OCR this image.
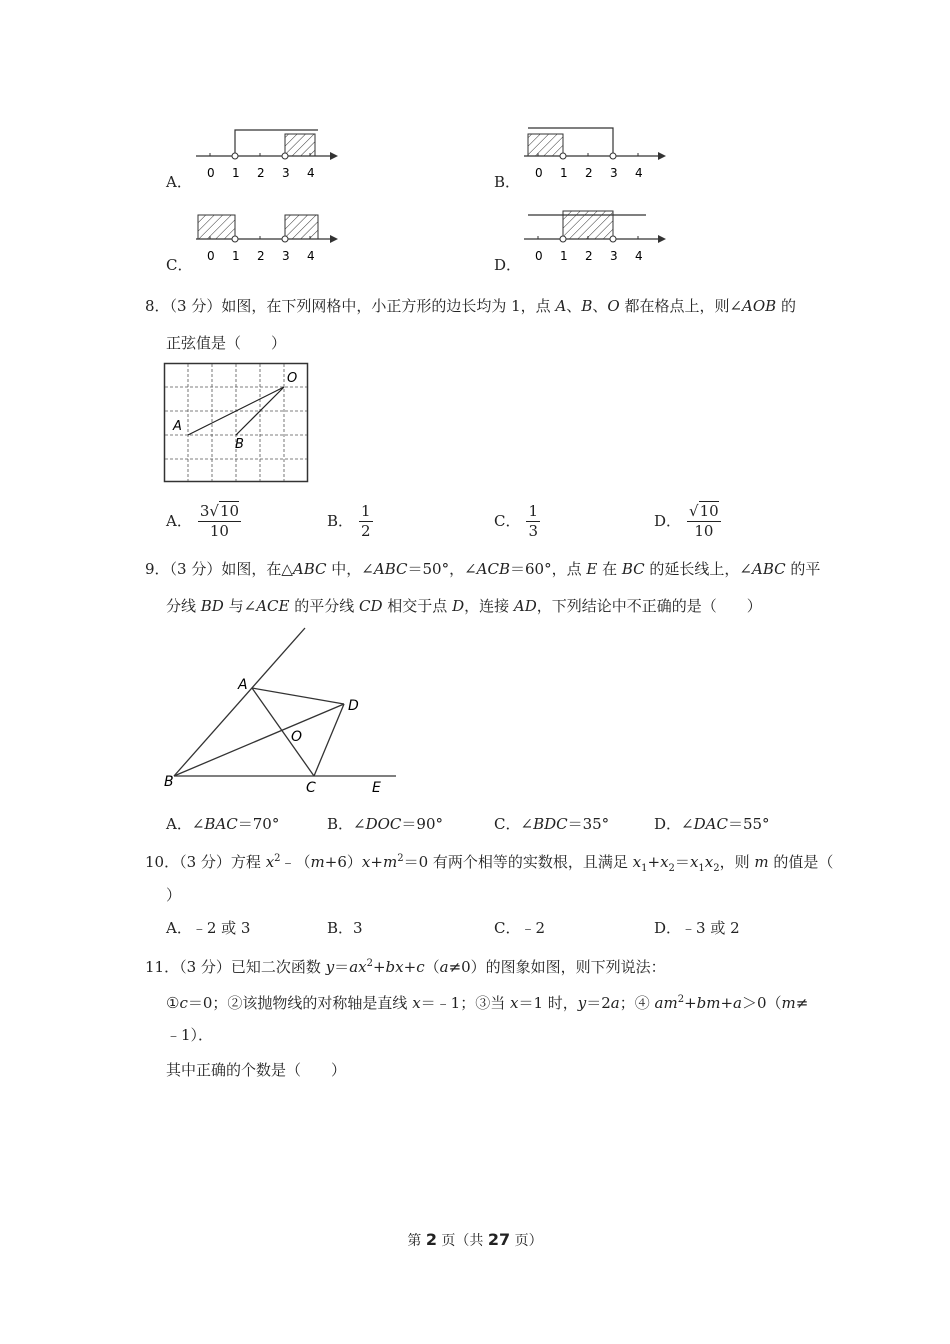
A． 0 1 2 3 4	B． 0 1 2 3 4
C． 0 1 2 3 4	D． 0 1 2 3 4
8．（3 分）如图，在下列网格中，小正方形的边长均为 1，点 A、B、O 都在格点上，则∠AOB 的
正弦值是（　　）
A
B
O
A． $\frac{3√10}{10}$	B． $\frac{1}{2}$	C． $\frac{1}{3}$	D． $\frac{√10}{10}$
9．（3 分）如图，在△ABC 中，∠ABC＝50°，∠ACB＝60°，点 E 在 BC 的延长线上，∠ABC 的平
分线 BD 与∠ACE 的平分线 CD 相交于点 D，连接 AD，下列结论中不正确的是（　　）
A
B	C
D
O
E
A．∠BAC＝70°	B．∠DOC＝90°	C．∠BDC＝35°	D．∠DAC＝55°
10．（3 分）方程 $x^2﹣(m+6)x+m^2=0$ 有两个相等的实数根，且满足 $x_1+x_2=x_1x_2$，则 m 的值是（
）
A．﹣2 或 3	B．3	C．﹣2	D．﹣3 或 2
11．（3 分）已知二次函数 $y=ax^2+bx+c(a\ne 0)$的图象如图，则下列说法：
①c＝0；②该抛物线的对称轴是直线 x＝﹣1；③当 x＝1 时，y＝2a；④ $am^2+bm+a>0(m\ne$
﹣1）．
其中正确的个数是（　　）
第 2 页（共 27 页）
